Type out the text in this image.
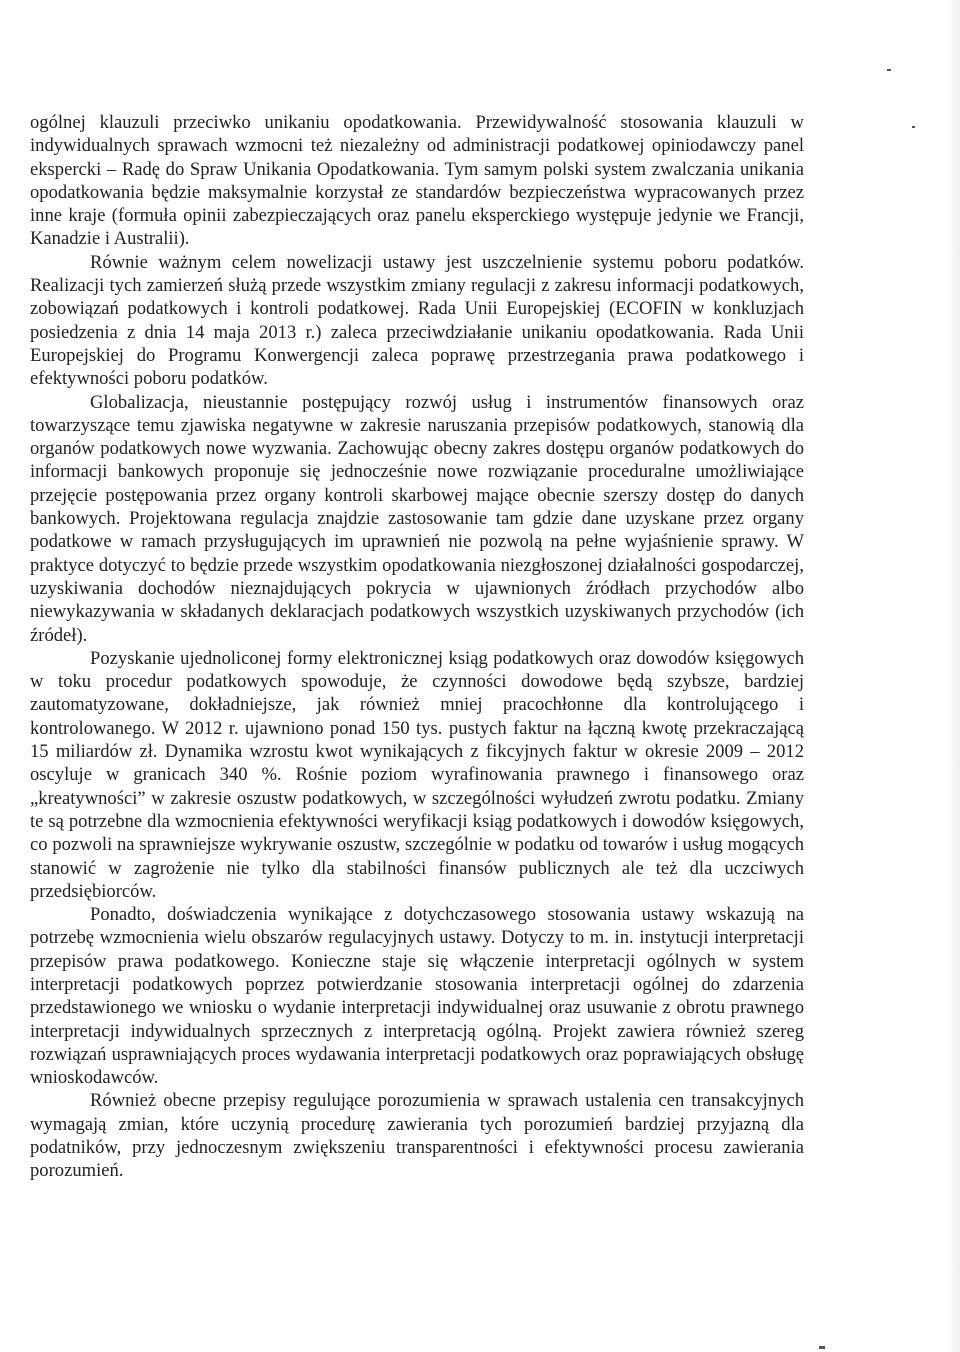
ogólnej klauzuli przeciwko unikaniu opodatkowania. Przewidywalność stosowania klauzuli w indywidualnych sprawach wzmocni też niezależny od administracji podatkowej opiniodawczy panel ekspercki – Radę do Spraw Unikania Opodatkowania. Tym samym polski system zwalczania unikania opodatkowania będzie maksymalnie korzystał ze standardów bezpieczeństwa wypracowanych przez inne kraje (formuła opinii zabezpieczających oraz panelu eksperckiego występuje jedynie we Francji, Kanadzie i Australii).

Równie ważnym celem nowelizacji ustawy jest uszczelnienie systemu poboru podatków. Realizacji tych zamierzeń służą przede wszystkim zmiany regulacji z zakresu informacji podatkowych, zobowiązań podatkowych i kontroli podatkowej. Rada Unii Europejskiej (ECOFIN w konkluzjach posiedzenia z dnia 14 maja 2013 r.) zaleca przeciwdziałanie unikaniu opodatkowania. Rada Unii Europejskiej do Programu Konwergencji zaleca poprawę przestrzegania prawa podatkowego i efektywności poboru podatków.

Globalizacja, nieustannie postępujący rozwój usług i instrumentów finansowych oraz towarzyszące temu zjawiska negatywne w zakresie naruszania przepisów podatkowych, stanowią dla organów podatkowych nowe wyzwania. Zachowując obecny zakres dostępu organów podatkowych do informacji bankowych proponuje się jednocześnie nowe rozwiązanie proceduralne umożliwiające przejęcie postępowania przez organy kontroli skarbowej mające obecnie szerszy dostęp do danych bankowych. Projektowana regulacja znajdzie zastosowanie tam gdzie dane uzyskane przez organy podatkowe w ramach przysługujących im uprawnień nie pozwolą na pełne wyjaśnienie sprawy. W praktyce dotyczyć to będzie przede wszystkim opodatkowania niezgłoszonej działalności gospodarczej, uzyskiwania dochodów nieznajdujących pokrycia w ujawnionych źródłach przychodów albo niewykazywania w składanych deklaracjach podatkowych wszystkich uzyskiwanych przychodów (ich źródeł).

Pozyskanie ujednoliconej formy elektronicznej ksiąg podatkowych oraz dowodów księgowych w toku procedur podatkowych spowoduje, że czynności dowodowe będą szybsze, bardziej zautomatyzowane, dokładniejsze, jak również mniej pracochłonne dla kontrolującego i kontrolowanego. W 2012 r. ujawniono ponad 150 tys. pustych faktur na łączną kwotę przekraczającą 15 miliardów zł. Dynamika wzrostu kwot wynikających z fikcyjnych faktur w okresie 2009 – 2012 oscyluje w granicach 340 %. Rośnie poziom wyrafinowania prawnego i finansowego oraz „kreatywności” w zakresie oszustw podatkowych, w szczególności wyłudzeń zwrotu podatku. Zmiany te są potrzebne dla wzmocnienia efektywności weryfikacji ksiąg podatkowych i dowodów księgowych, co pozwoli na sprawniejsze wykrywanie oszustw, szczególnie w podatku od towarów i usług mogących stanowić w zagrożenie nie tylko dla stabilności finansów publicznych ale też dla uczciwych przedsiębiorców.

Ponadto, doświadczenia wynikające z dotychczasowego stosowania ustawy wskazują na potrzebę wzmocnienia wielu obszarów regulacyjnych ustawy. Dotyczy to m. in. instytucji interpretacji przepisów prawa podatkowego. Konieczne staje się włączenie interpretacji ogólnych w system interpretacji podatkowych poprzez potwierdzanie stosowania interpretacji ogólnej do zdarzenia przedstawionego we wniosku o wydanie interpretacji indywidualnej oraz usuwanie z obrotu prawnego interpretacji indywidualnych sprzecznych z interpretacją ogólną. Projekt zawiera również szereg rozwiązań usprawniających proces wydawania interpretacji podatkowych oraz poprawiających obsługę wnioskodawców.

Również obecne przepisy regulujące porozumienia w sprawach ustalenia cen transakcyjnych wymagają zmian, które uczynią procedurę zawierania tych porozumień bardziej przyjazną dla podatników, przy jednoczesnym zwiększeniu transparentności i efektywności procesu zawierania porozumień.
